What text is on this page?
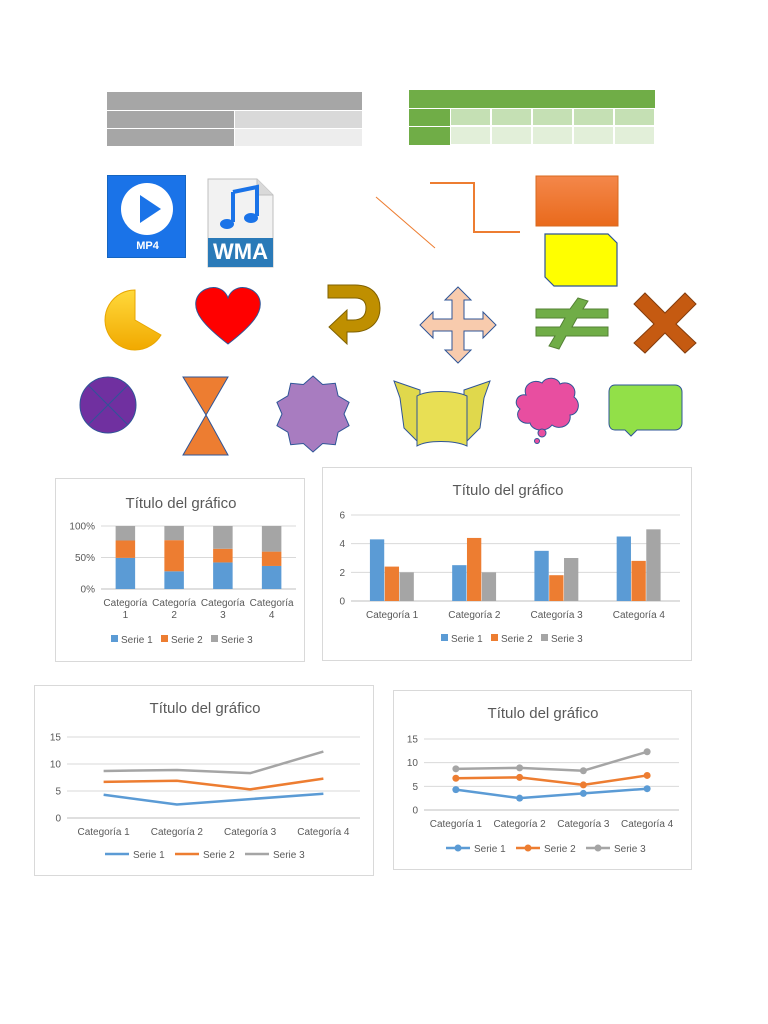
MP4	WMA
Título del gráfico
0%
50%
100%
Categoría
1
Categoría
2
Categoría
3
Categoría
4
Serie 1 Serie 2 Serie 3
Título del gráfico
0
2
4
6
Categoría 1	Categoría 2	Categoría 3	Categoría 4
Serie 1 Serie 2 Serie 3
Título del gráfico
0
5
10
15
Categoría 1 Categoría 2 Categoría 3 Categoría 4
Serie 1	Serie 2	Serie 3
Título del gráfico
0
5
10
15
Categoría 1 Categoría 2 Categoría 3 Categoría 4
Serie 1	Serie 2	Serie 3
